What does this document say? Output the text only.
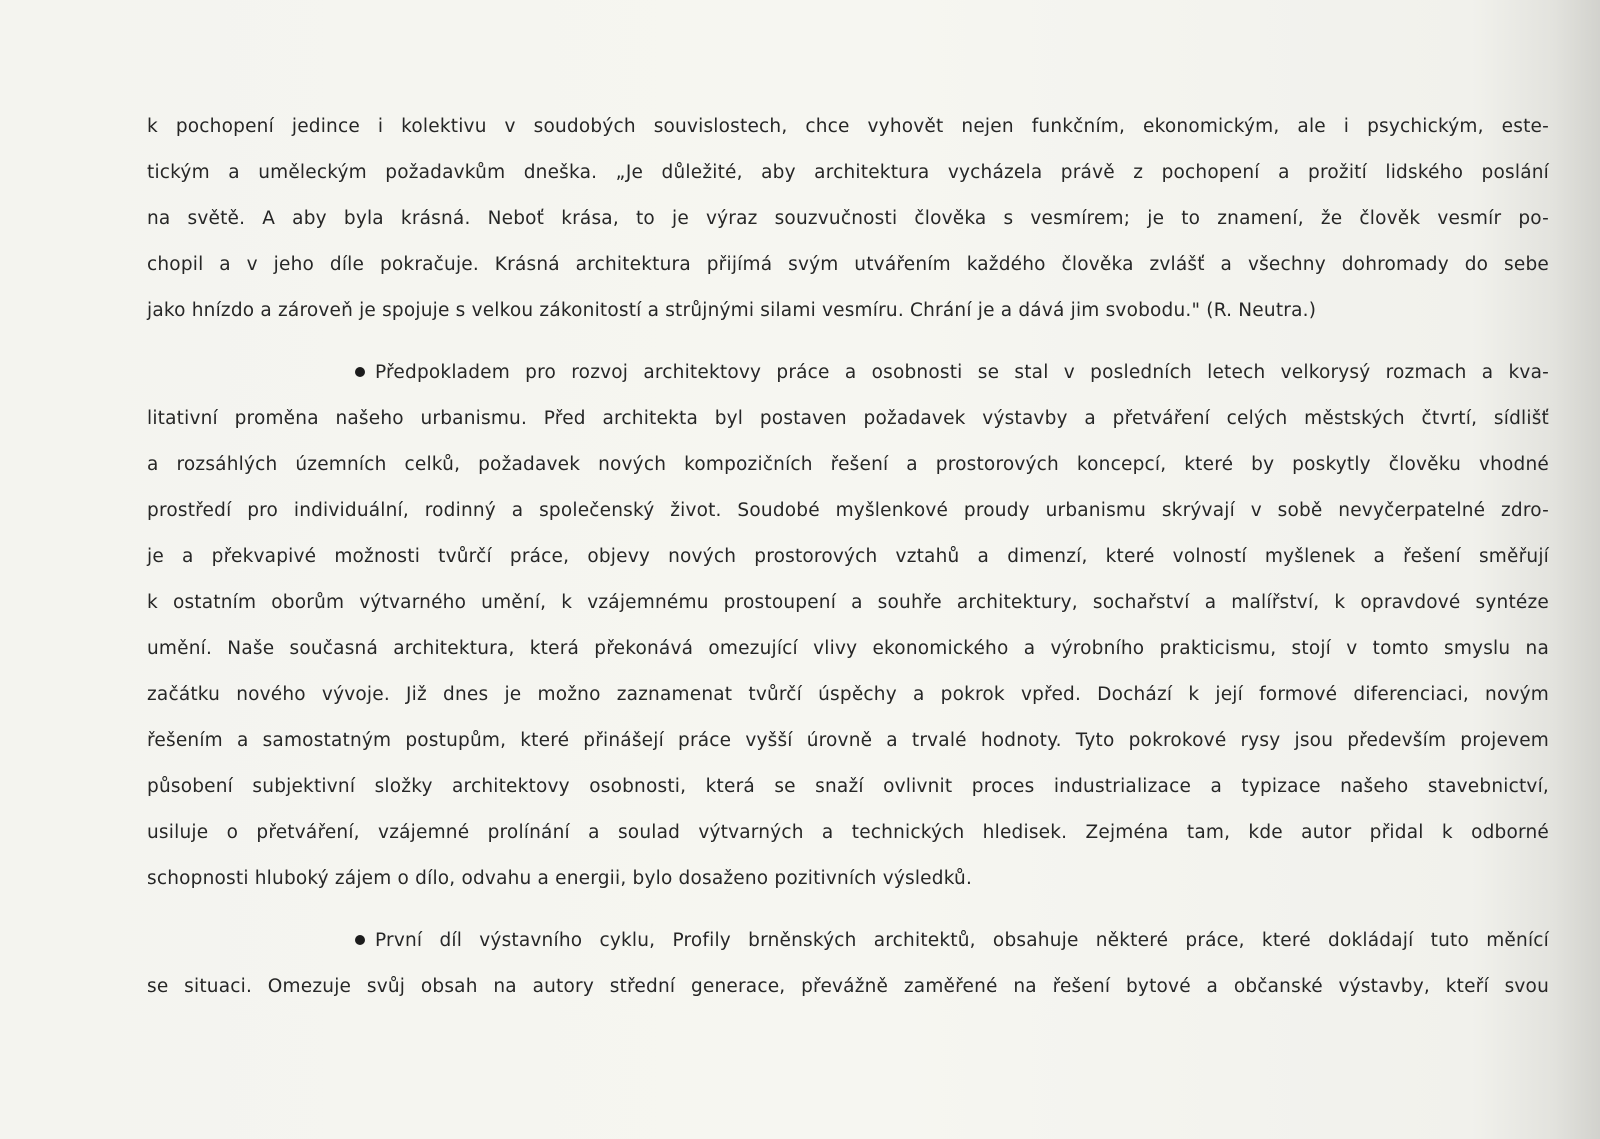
k pochopení jedince i kolektivu v soudobých souvislostech, chce vyhovět nejen funkčním, ekonomickým, ale i psychickým, este-
tickým a uměleckým požadavkům dneška. „Je důležité, aby architektura vycházela právě z pochopení a prožití lidského poslání
na světě. A aby byla krásná. Neboť krása, to je výraz souzvučnosti člověka s vesmírem; je to znamení, že člověk vesmír po-
chopil a v jeho díle pokračuje. Krásná architektura přijímá svým utvářením každého člověka zvlášť a všechny dohromady do sebe
jako hnízdo a zároveň je spojuje s velkou zákonitostí a strůjnými silami vesmíru. Chrání je a dává jim svobodu." (R. Neutra.)
Předpokladem pro rozvoj architektovy práce a osobnosti se stal v posledních letech velkorysý rozmach a kva-
litativní proměna našeho urbanismu. Před architekta byl postaven požadavek výstavby a přetváření celých městských čtvrtí, sídlišť
a rozsáhlých územních celků, požadavek nových kompozičních řešení a prostorových koncepcí, které by poskytly člověku vhodné
prostředí pro individuální, rodinný a společenský život. Soudobé myšlenkové proudy urbanismu skrývají v sobě nevyčerpatelné zdro-
je a překvapivé možnosti tvůrčí práce, objevy nových prostorových vztahů a dimenzí, které volností myšlenek a řešení směřují
k ostatním oborům výtvarného umění, k vzájemnému prostoupení a souhře architektury, sochařství a malířství, k opravdové syntéze
umění. Naše současná architektura, která překonává omezující vlivy ekonomického a výrobního prakticismu, stojí v tomto smyslu na
začátku nového vývoje. Již dnes je možno zaznamenat tvůrčí úspěchy a pokrok vpřed. Dochází k její formové diferenciaci, novým
řešením a samostatným postupům, které přinášejí práce vyšší úrovně a trvalé hodnoty. Tyto pokrokové rysy jsou především projevem
působení subjektivní složky architektovy osobnosti, která se snaží ovlivnit proces industrializace a typizace našeho stavebnictví,
usiluje o přetváření, vzájemné prolínání a soulad výtvarných a technických hledisek. Zejména tam, kde autor přidal k odborné
schopnosti hluboký zájem o dílo, odvahu a energii, bylo dosaženo pozitivních výsledků.
První díl výstavního cyklu, Profily brněnských architektů, obsahuje některé práce, které dokládají tuto měnící
se situaci. Omezuje svůj obsah na autory střední generace, převážně zaměřené na řešení bytové a občanské výstavby, kteří svou
